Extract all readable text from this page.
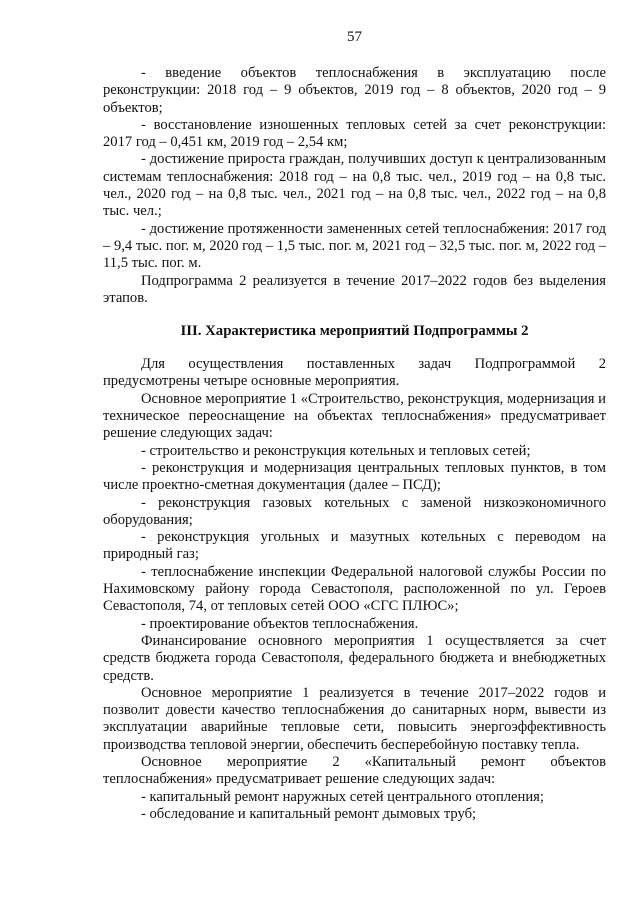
57

- введение объектов теплоснабжения в эксплуатацию после реконструкции: 2018 год – 9 объектов, 2019 год – 8 объектов, 2020 год – 9 объектов;

- восстановление изношенных тепловых сетей за счет реконструкции: 2017 год – 0,451 км, 2019 год – 2,54 км;

- достижение прироста граждан, получивших доступ к централизованным системам теплоснабжения: 2018 год – на 0,8 тыс. чел., 2019 год – на 0,8 тыс. чел., 2020 год – на 0,8 тыс. чел., 2021 год – на 0,8 тыс. чел., 2022 год – на 0,8 тыс. чел.;

- достижение протяженности замененных сетей теплоснабжения: 2017 год – 9,4 тыс. пог. м, 2020 год – 1,5 тыс. пог. м, 2021 год – 32,5 тыс. пог. м, 2022 год – 11,5 тыс. пог. м.

Подпрограмма 2 реализуется в течение 2017–2022 годов без выделения этапов.

III. Характеристика мероприятий Подпрограммы 2

Для осуществления поставленных задач Подпрограммой 2 предусмотрены четыре основные мероприятия.

Основное мероприятие 1 «Строительство, реконструкция, модернизация и техническое переоснащение на объектах теплоснабжения» предусматривает решение следующих задач:

- строительство и реконструкция котельных и тепловых сетей;

- реконструкция и модернизация центральных тепловых пунктов, в том числе проектно-сметная документация (далее – ПСД);

- реконструкция газовых котельных с заменой низкоэкономичного оборудования;

- реконструкция угольных и мазутных котельных с переводом на природный газ;

- теплоснабжение инспекции Федеральной налоговой службы России по Нахимовскому району города Севастополя, расположенной по ул. Героев Севастополя, 74, от тепловых сетей ООО «СГС ПЛЮС»;

- проектирование объектов теплоснабжения.

Финансирование основного мероприятия 1 осуществляется за счет средств бюджета города Севастополя, федерального бюджета и внебюджетных средств.

Основное мероприятие 1 реализуется в течение 2017–2022 годов и позволит довести качество теплоснабжения до санитарных норм, вывести из эксплуатации аварийные тепловые сети, повысить энергоэффективность производства тепловой энергии, обеспечить бесперебойную поставку тепла.

Основное мероприятие 2 «Капитальный ремонт объектов теплоснабжения» предусматривает решение следующих задач:

- капитальный ремонт наружных сетей центрального отопления;

- обследование и капитальный ремонт дымовых труб;
